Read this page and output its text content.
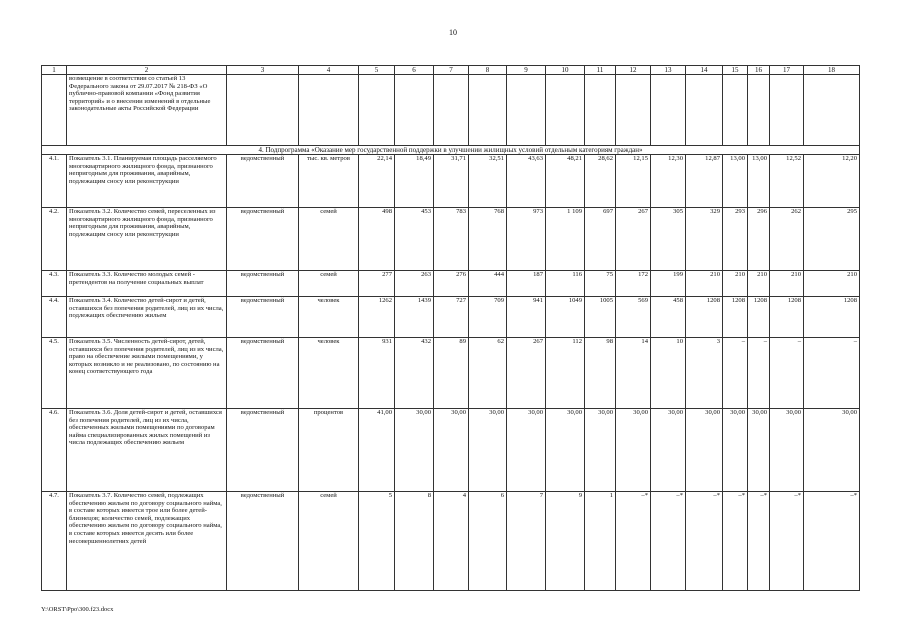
10
1	2	3	4	5	6	7	8	9	10	11	12	13	14	15	16	17	18
	возмещение в соответствии со статьей 13 Федерального закона от 29.07.2017 № 218-ФЗ «О публично-правовой компании «Фонд развития территорий» и о внесении изменений в отдельные законодательные акты Российской Федерации																
4. Подпрограмма «Оказание мер государственной поддержки в улучшении жилищных условий отдельным категориям граждан»																	
4.1.	Показатель 3.1. Планируемая площадь расселяемого многоквартирного жилищного фонда, признанного непригодным для проживания, аварийным, подлежащим сносу или реконструкции	ведомственный	тыс. кв. метров	22,14	18,49	31,71	32,51	43,63	48,21	28,62	12,15	12,30	12,87	13,00	13,00	12,52	12,20
4.2.	Показатель 3.2. Количество семей, переселенных из многоквартирного жилищного фонда, признанного непригодным для проживания, аварийным, подлежащим сносу или реконструкции	ведомственный	семей	498	453	783	768	973	1 109	697	267	305	329	293	296	262	295
4.3.	Показатель 3.3. Количество молодых семей - претендентов на получение социальных выплат	ведомственный	семей	277	263	276	444	187	116	75	172	199	210	210	210	210	210
4.4.	Показатель 3.4. Количество детей-сирот и детей, оставшихся без попечения родителей, лиц из их числа, подлежащих обеспечению жильем	ведомственный	человек	1262	1439	727	709	941	1049	1005	569	458	1208	1208	1208	1208	1208
4.5.	Показатель 3.5. Численность детей-сирот, детей, оставшихся без попечения родителей, лиц из их числа, право на обеспечение жилыми помещениями, у которых возникло и не реализовано, по состоянию на конец соответствующего года	ведомственный	человек	931	432	89	62	267	112	98	14	10	3	–	–	–	–
4.6.	Показатель 3.6. Доля детей-сирот и детей, оставшихся без попечения родителей, лиц из их числа, обеспеченных жилыми помещениями по договорам найма специализированных жилых помещений из числа подлежащих обеспечению жильем	ведомственный	процентов	41,00	30,00	30,00	30,00	30,00	30,00	30,00	30,00	30,00	30,00	30,00	30,00	30,00	30,00
4.7.	Показатель 3.7. Количество семей, подлежащих обеспечению жильем по договору социального найма, в составе которых имеется трое или более детей-близнецов; количество семей, подлежащих обеспечению жильем по договору социального найма, в составе которых имеется десять или более несовершеннолетних детей	ведомственный	семей	5	8	4	6	7	9	1	–*	–*	–*	–*	–*	–*	–*
Y:\ORST\Ppo\300.f23.docx
